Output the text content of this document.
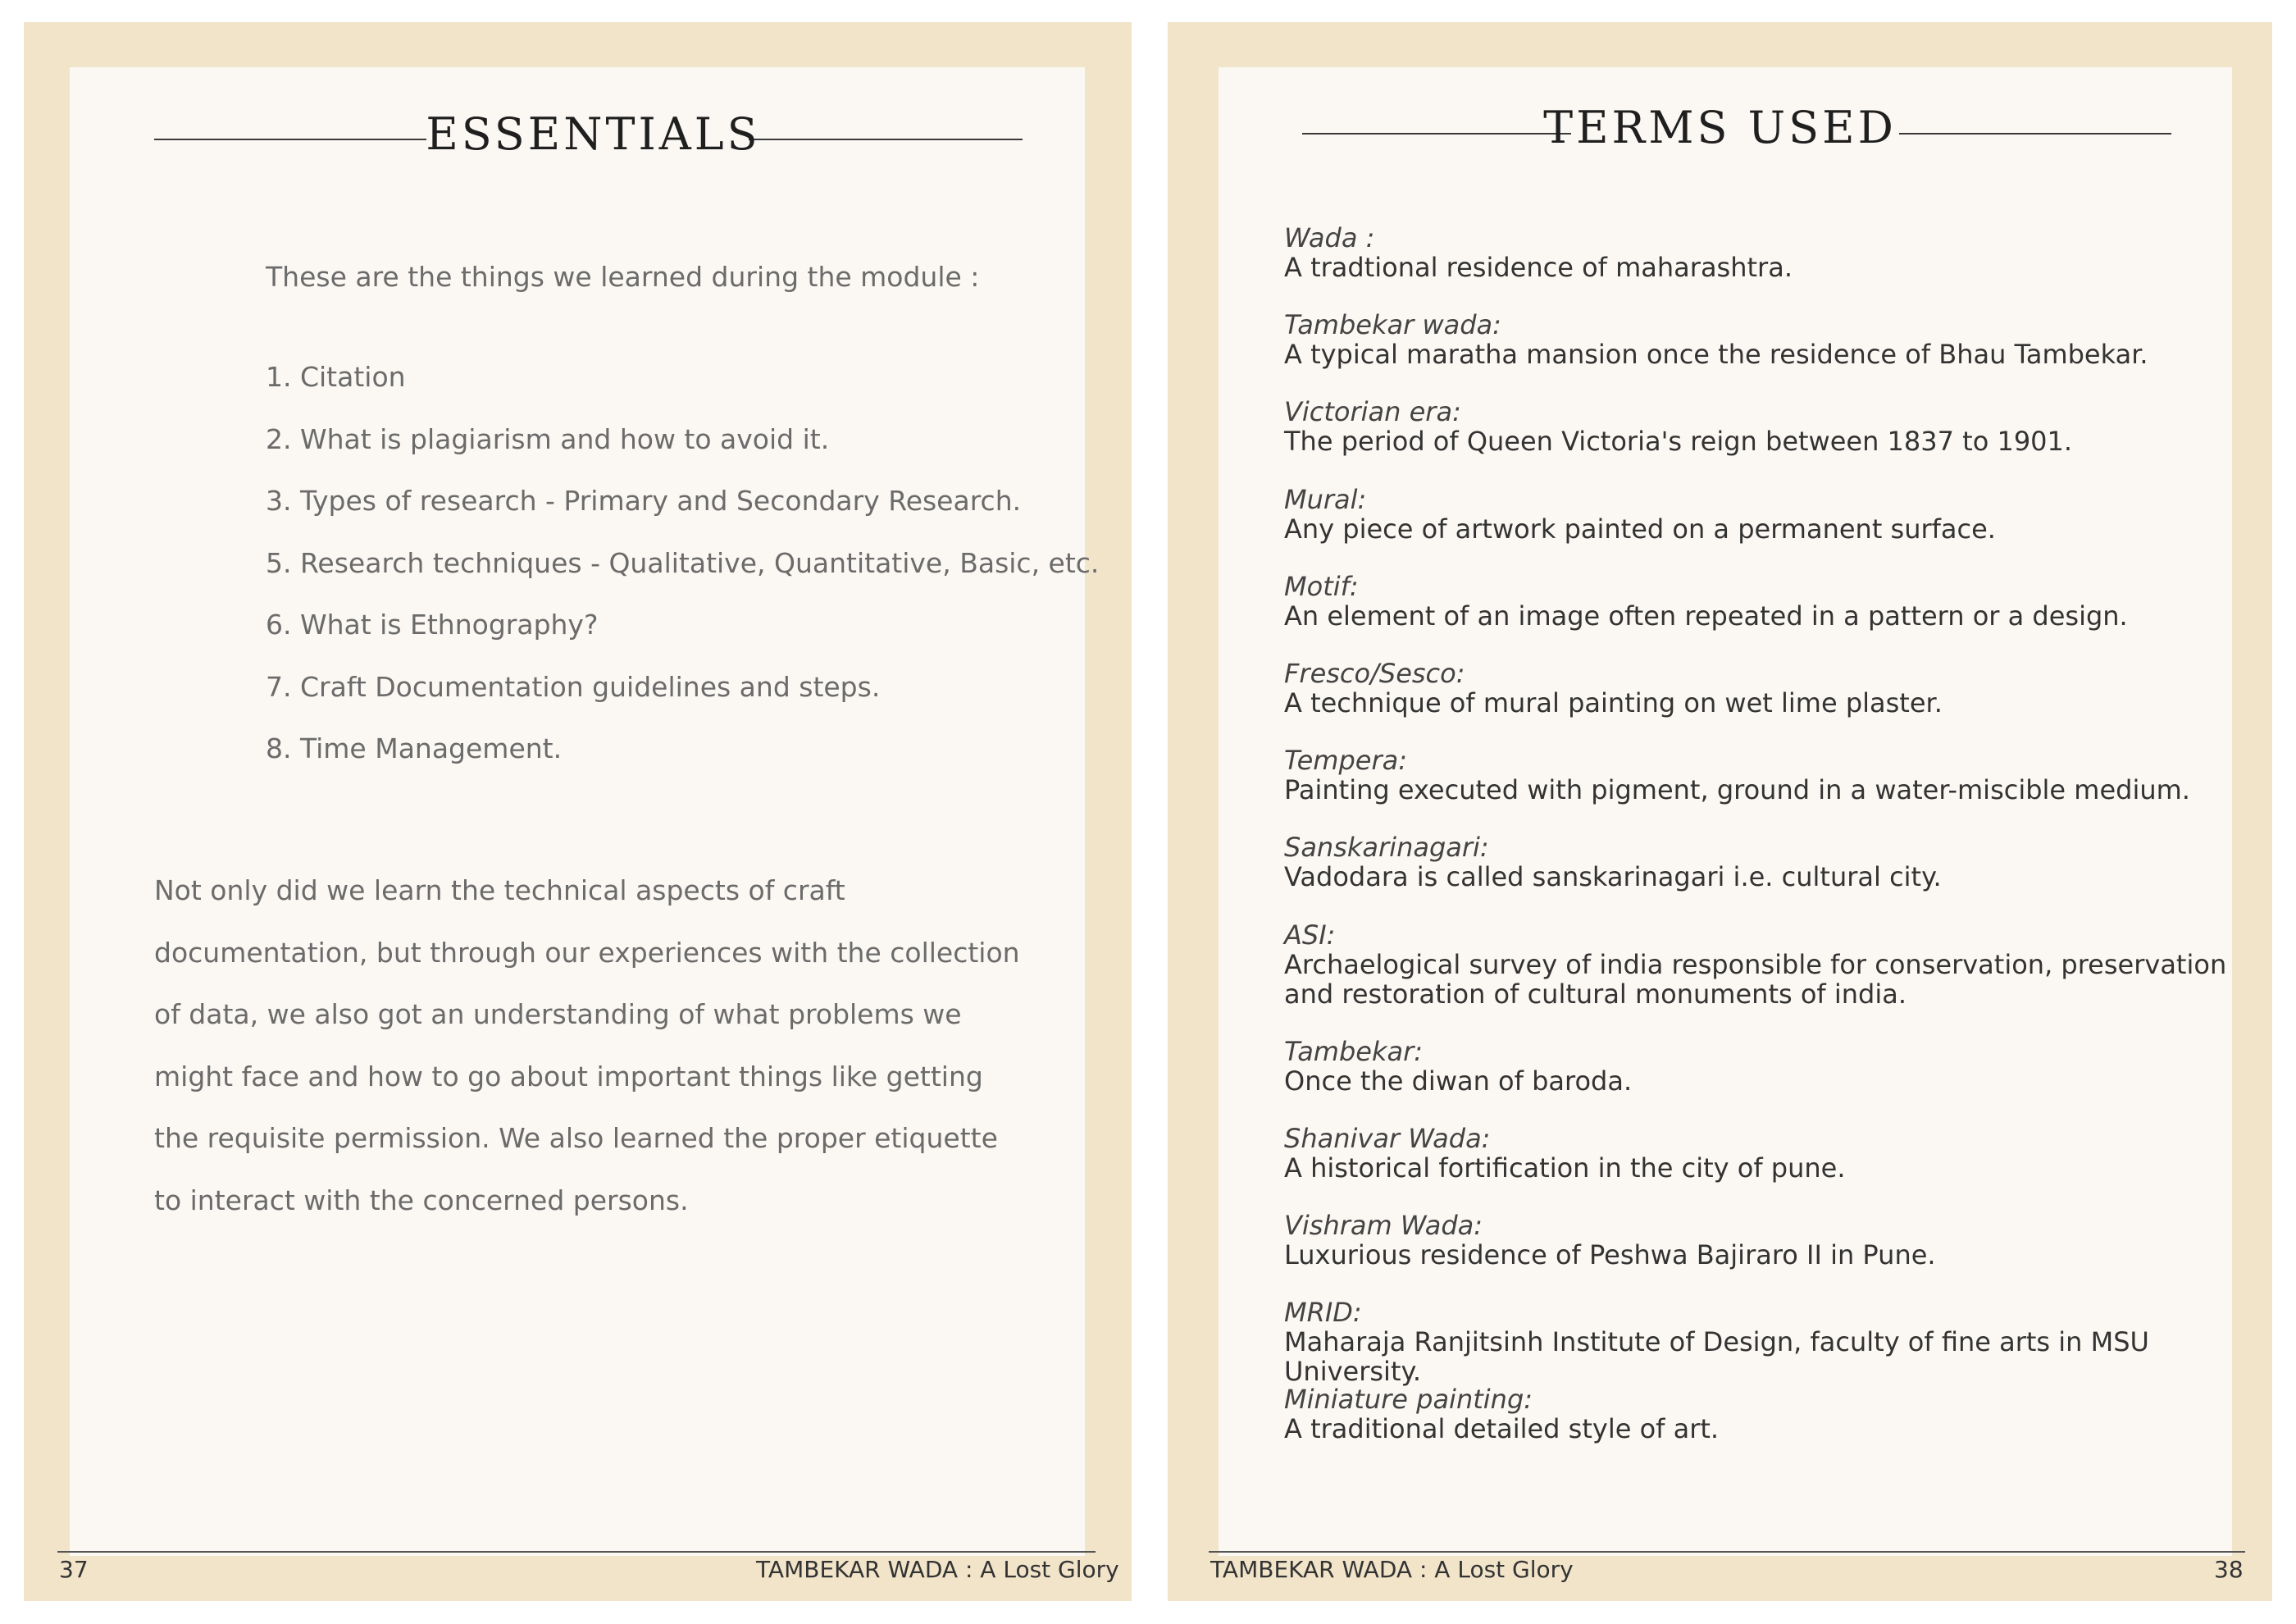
ESSENTIALS
These are the things we learned during the module :
1. Citation
2. What is plagiarism and how to avoid it.
3. Types of research - Primary and Secondary Research.
5. Research techniques - Qualitative, Quantitative, Basic, etc.
6. What is Ethnography?
7. Craft Documentation guidelines and steps.
8. Time Management.
Not only did we learn the technical aspects of craft documentation, but through our experiences with the collection of data, we also got an understanding of what problems we might face and how to go about important things like getting the requisite permission. We also learned the proper etiquette to interact with the concerned persons.
37	TAMBEKAR WADA : A Lost Glory
TERMS USED
Wada :
A tradtional residence of maharashtra.
Tambekar wada:
A typical maratha mansion once the residence of Bhau Tambekar.
Victorian era:
The period of Queen Victoria's reign between 1837 to 1901.
Mural:
Any piece of artwork painted on a permanent surface.
Motif:
An element of an image often repeated in a pattern or a design.
Fresco/Sesco:
A technique of mural painting on wet lime plaster.
Tempera:
Painting executed with pigment, ground in a water-miscible medium.
Sanskarinagari:
Vadodara is called sanskarinagari i.e. cultural city.
ASI:
Archaelogical survey of india responsible for conservation, preservation
and restoration of cultural monuments of india.
Tambekar:
Once the diwan of baroda.
Shanivar Wada:
A historical fortification in the city of pune.
Vishram Wada:
Luxurious residence of Peshwa Bajiraro II in Pune.
MRID:
Maharaja Ranjitsinh Institute of Design, faculty of fine arts in MSU University.
Miniature painting:
A traditional detailed style of art.
TAMBEKAR WADA : A Lost Glory	38
